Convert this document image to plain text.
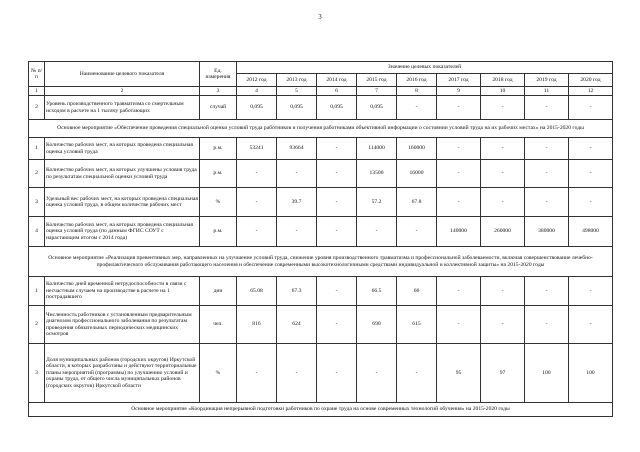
3
№ п/п	Наименование целевого показателя	Ед. измерения	Значение целевых показателей								
			2012 год	2013 год	2014 год	2015 год	2016 год	2017 год	2018 год	2019 год	2020 год
1	2	3	4	5	6	7	8	9	10	11	12
2	Уровень производственного травматизма со смертельным исходом в расчете на 1 тысячу работающих	случай	0,095	0,095	0,095	0,095	-	-	-	-	-
Основное мероприятие «Обеспечение проведения специальной оценки условий труда работников и получения работниками объективной информации о состоянии условий труда на их рабочих местах» на 2015-2020 годы											
1	Количество рабочих мест, на которых проведена специальная оценка условий труда	р.м.	53241	93664	-	114000	160000	-	-	-	-
2	Количество рабочих мест, на которых улучшены условия труда по результатам специальной оценки условий труда	р.м.	-	-	-	13500	16000	-	-	-	-
3	Удельный вес рабочих мест, на которых проведена специальная оценка условий труда, в общем количестве рабочих мест	%	-	39.7	-	57.2	67.8	-	-	-	-
4	Количество рабочих мест, на которых проведена специальная оценка условий труда (по данным ФГИС СОУТ с нарастающим итогом с 2014 года)	р.м.	-	-	-	-	-	140000	260000	380000	498000
Основное мероприятие «Реализация превентивных мер, направленных на улучшение условий труда, снижение уровня производственного травматизма и профессиональной заболеваемости, включая совершенствование лечебно-профилактического обслуживания работающего населения и обеспечение современными высокотехнологичными средствами индивидуальной и коллективной защиты» на 2015-2020 годы											
1	Количество дней временной нетрудоспособности в связи с несчастным случаем на производстве в расчете на 1 пострадавшего	дни	65.08	67.3	-	66.5	66	-	-	-	-
2	Численность работников с установленным предварительным диагнозом профессионального заболевания по результатам проведения обязательных периодических медицинских осмотров	чел.	816	624	-	690	615	-	-	-	-
3	Доля муниципальных районов (городских округов) Иркутской области, в которых разработаны и действуют территориальные планы мероприятий (программы) по улучшению условий и охраны труда, от общего числа муниципальных районов (городских округов) Иркутской области	%	-	-	-	-	-	95	97	100	100
Основное мероприятие «Координация непрерывной подготовки работников по охране труда на основе современных технологий обучения» на 2015-2020 годы											
